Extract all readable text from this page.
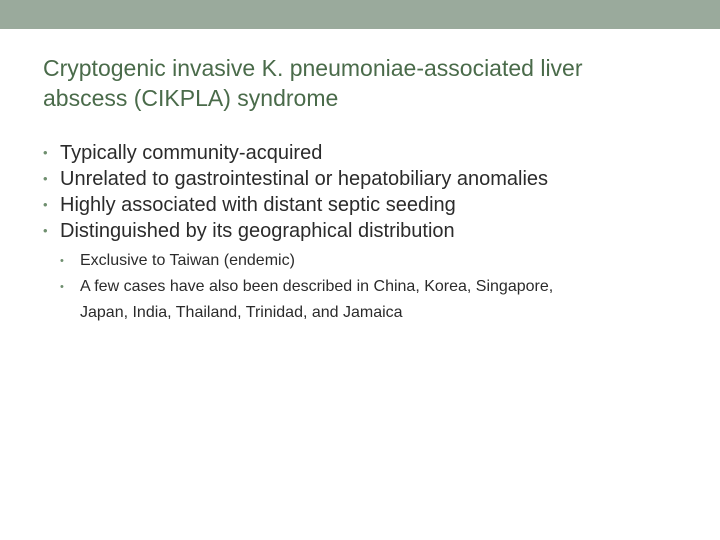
Cryptogenic invasive K. pneumoniae-associated liver
abscess (CIKPLA) syndrome
• Typically community-acquired
• Unrelated to gastrointestinal or hepatobiliary anomalies
• Highly associated with distant septic seeding
• Distinguished by its geographical distribution
• Exclusive to Taiwan (endemic)
• A few cases have also been described in China, Korea, Singapore,
Japan, India, Thailand, Trinidad, and Jamaica
